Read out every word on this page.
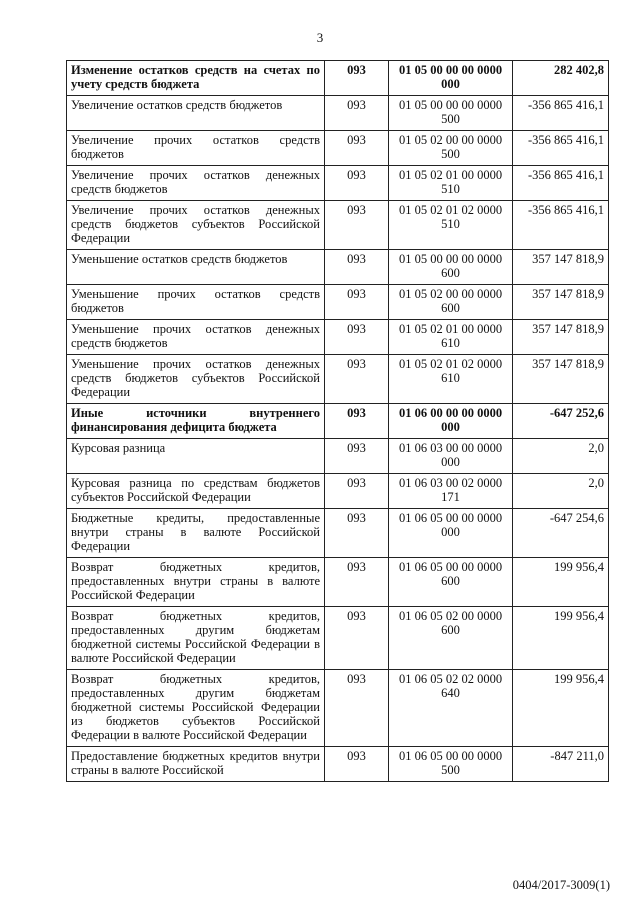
3
Изменение остатков средств на счетах по учету средств бюджета	093	01 05 00 00 00 0000 000	282 402,8
Увеличение остатков средств бюджетов	093	01 05 00 00 00 0000 500	-356 865 416,1
Увеличение прочих остатков средств бюджетов	093	01 05 02 00 00 0000 500	-356 865 416,1
Увеличение прочих остатков денежных средств бюджетов	093	01 05 02 01 00 0000 510	-356 865 416,1
Увеличение прочих остатков денежных средств бюджетов субъектов Российской Федерации	093	01 05 02 01 02 0000 510	-356 865 416,1
Уменьшение остатков средств бюджетов	093	01 05 00 00 00 0000 600	357 147 818,9
Уменьшение прочих остатков средств бюджетов	093	01 05 02 00 00 0000 600	357 147 818,9
Уменьшение прочих остатков денежных средств бюджетов	093	01 05 02 01 00 0000 610	357 147 818,9
Уменьшение прочих остатков денежных средств бюджетов субъектов Российской Федерации	093	01 05 02 01 02 0000 610	357 147 818,9
Иные источники внутреннего финансирования дефицита бюджета	093	01 06 00 00 00 0000 000	-647 252,6
Курсовая разница	093	01 06 03 00 00 0000 000	2,0
Курсовая разница по средствам бюджетов субъектов Российской Федерации	093	01 06 03 00 02 0000 171	2,0
Бюджетные кредиты, предоставленные внутри страны в валюте Российской Федерации	093	01 06 05 00 00 0000 000	-647 254,6
Возврат бюджетных кредитов, предоставленных внутри страны в валюте Российской Федерации	093	01 06 05 00 00 0000 600	199 956,4
Возврат бюджетных кредитов, предоставленных другим бюджетам бюджетной системы Российской Федерации в валюте Российской Федерации	093	01 06 05 02 00 0000 600	199 956,4
Возврат бюджетных кредитов, предоставленных другим бюджетам бюджетной системы Российской Федерации из бюджетов субъектов Российской Федерации в валюте Российской Федерации	093	01 06 05 02 02 0000 640	199 956,4
Предоставление бюджетных кредитов внутри страны в валюте Российской	093	01 06 05 00 00 0000 500	-847 211,0
0404/2017-3009(1)
